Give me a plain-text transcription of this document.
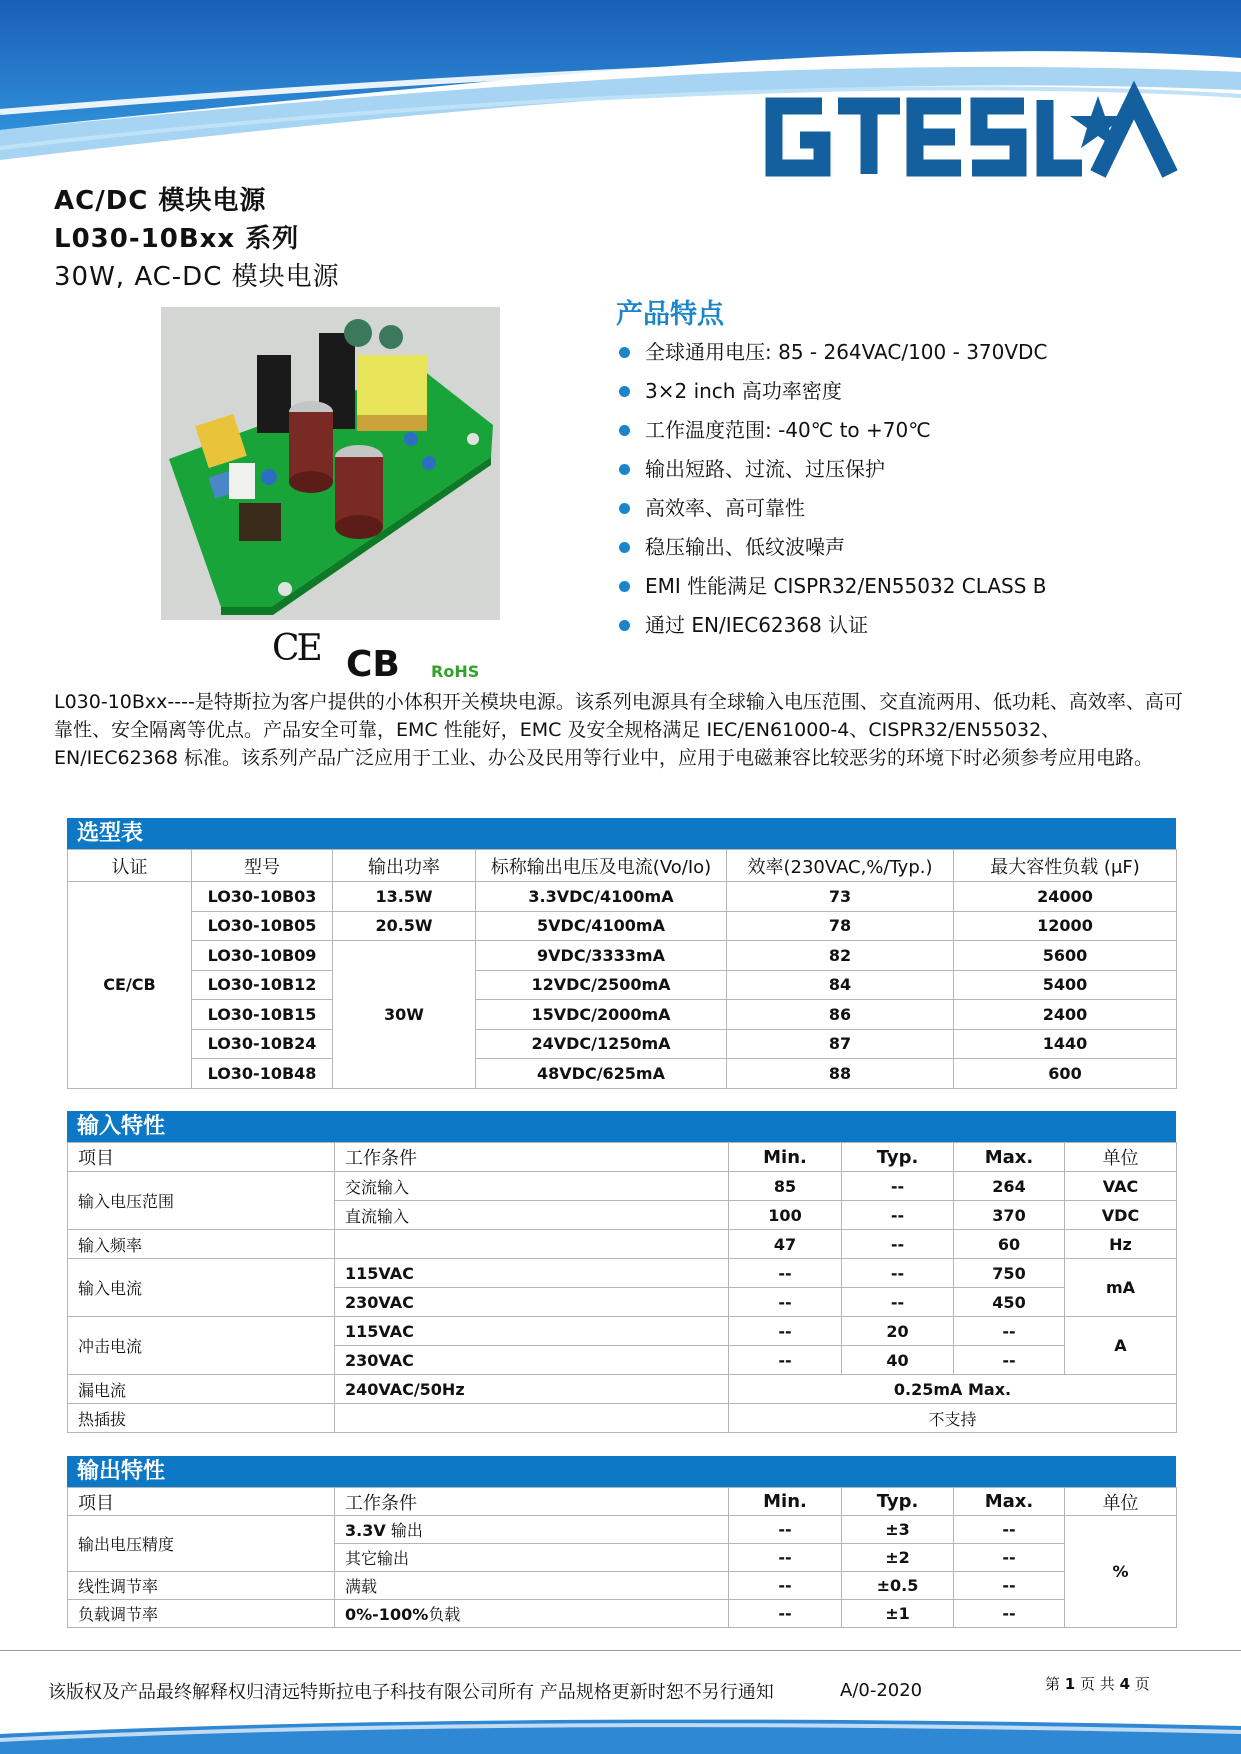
AC/DC 模块电源
L030-10Bxx 系列
30W, AC-DC 模块电源
产品特点
全球通用电压: 85 - 264VAC/100 - 370VDC
3×2 inch 高功率密度
工作温度范围: -40℃ to +70℃
输出短路、过流、过压保护
高效率、高可靠性
稳压输出、低纹波噪声
EMI 性能满足 CISPR32/EN55032 CLASS B
通过 EN/IEC62368 认证
CE CB RoHS
L030-10Bxx----是特斯拉为客户提供的小体积开关模块电源。该系列电源具有全球输入电压范围、交直流两用、低功耗、高效率、高可靠性、安全隔离等优点。产品安全可靠，EMC 性能好，EMC 及安全规格满足 IEC/EN61000-4、CISPR32/EN55032、EN/IEC62368 标准。该系列产品广泛应用于工业、办公及民用等行业中，应用于电磁兼容比较恶劣的环境下时必须参考应用电路。
选型表
认证	型号	输出功率	标称输出电压及电流(Vo/Io)	效率(230VAC,%/Typ.)	最大容性负载 (μF)
CE/CB	LO30-10B03	13.5W	3.3VDC/4100mA	73	24000
	LO30-10B05	20.5W	5VDC/4100mA	78	12000
	LO30-10B09	30W	9VDC/3333mA	82	5600
	LO30-10B12		12VDC/2500mA	84	5400
	LO30-10B15		15VDC/2000mA	86	2400
	LO30-10B24		24VDC/1250mA	87	1440
	LO30-10B48		48VDC/625mA	88	600
输入特性
项目	工作条件	Min.	Typ.	Max.	单位
输入电压范围	交流输入	85	--	264	VAC
	直流输入	100	--	370	VDC
输入频率		47	--	60	Hz
输入电流	115VAC	--	--	750	mA
	230VAC	--	--	450	
冲击电流	115VAC	--	20	--	A
	230VAC	--	40	--	
漏电流	240VAC/50Hz	0.25mA Max.			
热插拔		不支持			
输出特性
项目	工作条件	Min.	Typ.	Max.	单位
输出电压精度	3.3V 输出	--	±3	--	%
	其它输出	--	±2	--	
线性调节率	满载	--	±0.5	--	
负载调节率	0%-100%负载	--	±1	--	
该版权及产品最终解释权归清远特斯拉电子科技有限公司所有 产品规格更新时恕不另行通知	A/0-2020	第 1 页 共 4 页
